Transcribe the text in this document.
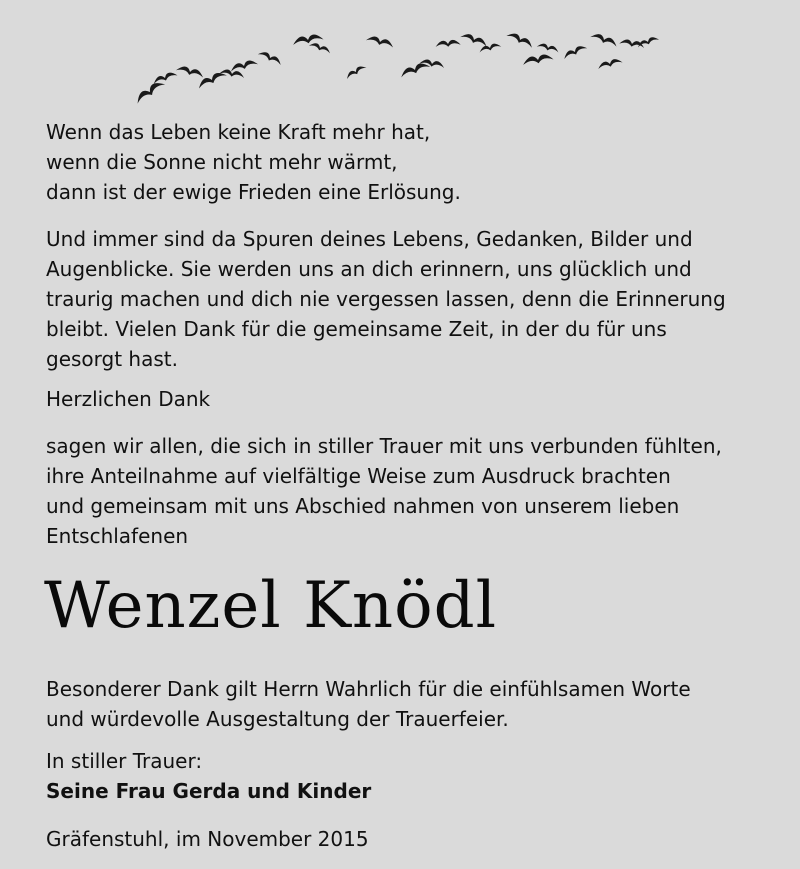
Wenn das Leben keine Kraft mehr hat,
wenn die Sonne nicht mehr wärmt,
dann ist der ewige Frieden eine Erlösung.
Und immer sind da Spuren deines Lebens, Gedanken, Bilder und
Augenblicke. Sie werden uns an dich erinnern, uns glücklich und
traurig machen und dich nie vergessen lassen, denn die Erinnerung
bleibt. Vielen Dank für die gemeinsame Zeit, in der du für uns
gesorgt hast.
Herzlichen Dank
sagen wir allen, die sich in stiller Trauer mit uns verbunden fühlten,
ihre Anteilnahme auf vielfältige Weise zum Ausdruck brachten
und gemeinsam mit uns Abschied nahmen von unserem lieben
Entschlafenen
Wenzel Knödl
Besonderer Dank gilt Herrn Wahrlich für die einfühlsamen Worte
und würdevolle Ausgestaltung der Trauerfeier.
In stiller Trauer:
Seine Frau Gerda und Kinder
Gräfenstuhl, im November 2015
